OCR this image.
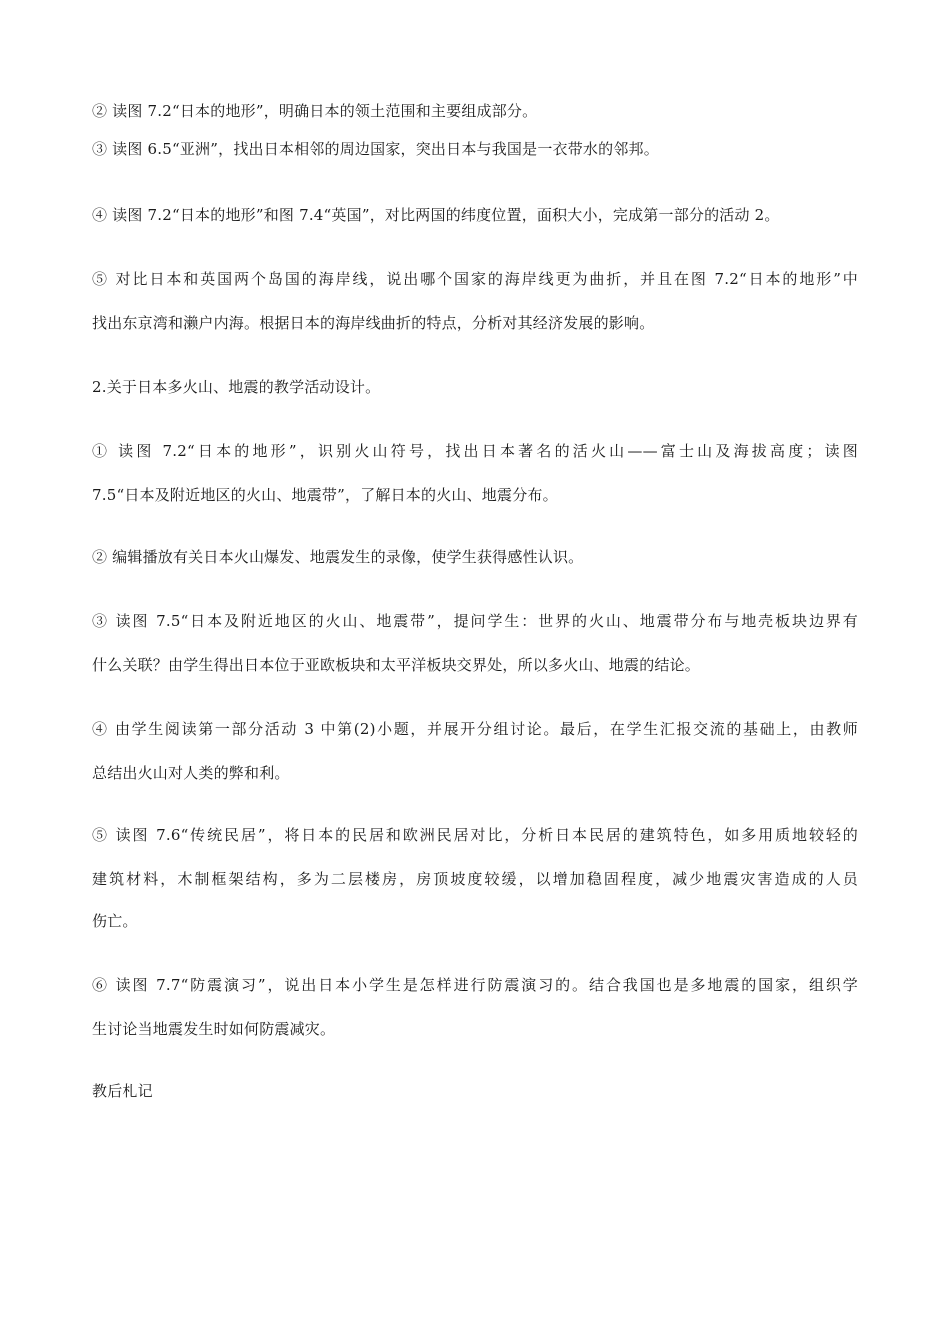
② 读图 7.2“日本的地形”，明确日本的领土范围和主要组成部分。
③ 读图 6.5“亚洲”，找出日本相邻的周边国家，突出日本与我国是一衣带水的邻邦。
④ 读图 7.2“日本的地形”和图 7.4“英国”，对比两国的纬度位置，面积大小，完成第一部分的活动 2。
⑤ 对比日本和英国两个岛国的海岸线，说出哪个国家的海岸线更为曲折，并且在图 7.2“日本的地形”中
找出东京湾和濑户内海。根据日本的海岸线曲折的特点，分析对其经济发展的影响。
2.关于日本多火山、地震的教学活动设计。
① 读图 7.2“日本的地形”，识别火山符号，找出日本著名的活火山——富士山及海拔高度；读图
7.5“日本及附近地区的火山、地震带”，了解日本的火山、地震分布。
② 编辑播放有关日本火山爆发、地震发生的录像，使学生获得感性认识。
③ 读图 7.5“日本及附近地区的火山、地震带”，提问学生：世界的火山、地震带分布与地壳板块边界有
什么关联？由学生得出日本位于亚欧板块和太平洋板块交界处，所以多火山、地震的结论。
④ 由学生阅读第一部分活动 3 中第(2)小题，并展开分组讨论。最后，在学生汇报交流的基础上，由教师
总结出火山对人类的弊和利。
⑤ 读图 7.6“传统民居”，将日本的民居和欧洲民居对比，分析日本民居的建筑特色，如多用质地较轻的
建筑材料，木制框架结构，多为二层楼房，房顶坡度较缓，以增加稳固程度，减少地震灾害造成的人员
伤亡。
⑥ 读图 7.7“防震演习”，说出日本小学生是怎样进行防震演习的。结合我国也是多地震的国家，组织学
生讨论当地震发生时如何防震减灾。
教后札记
